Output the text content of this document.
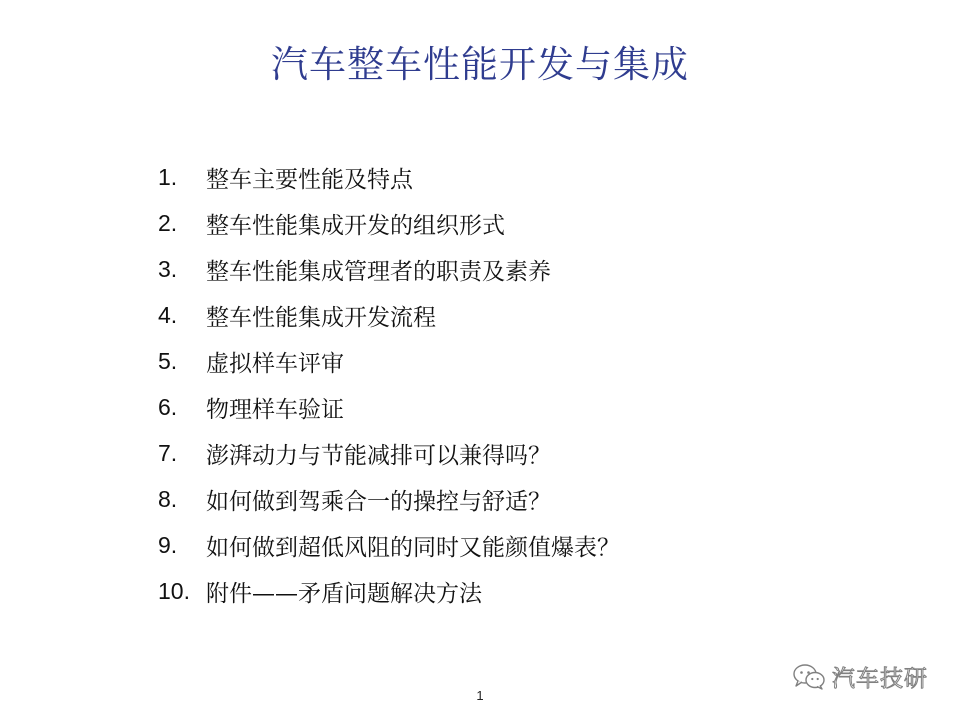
汽车整车性能开发与集成
1.	整车主要性能及特点
2.	整车性能集成开发的组织形式
3.	整车性能集成管理者的职责及素养
4.	整车性能集成开发流程
5.	虚拟样车评审
6.	物理样车验证
7.	澎湃动力与节能减排可以兼得吗？
8.	如何做到驾乘合一的操控与舒适？
9.	如何做到超低风阻的同时又能颜值爆表？
10. 附件——矛盾问题解决方法
1
汽车技研
